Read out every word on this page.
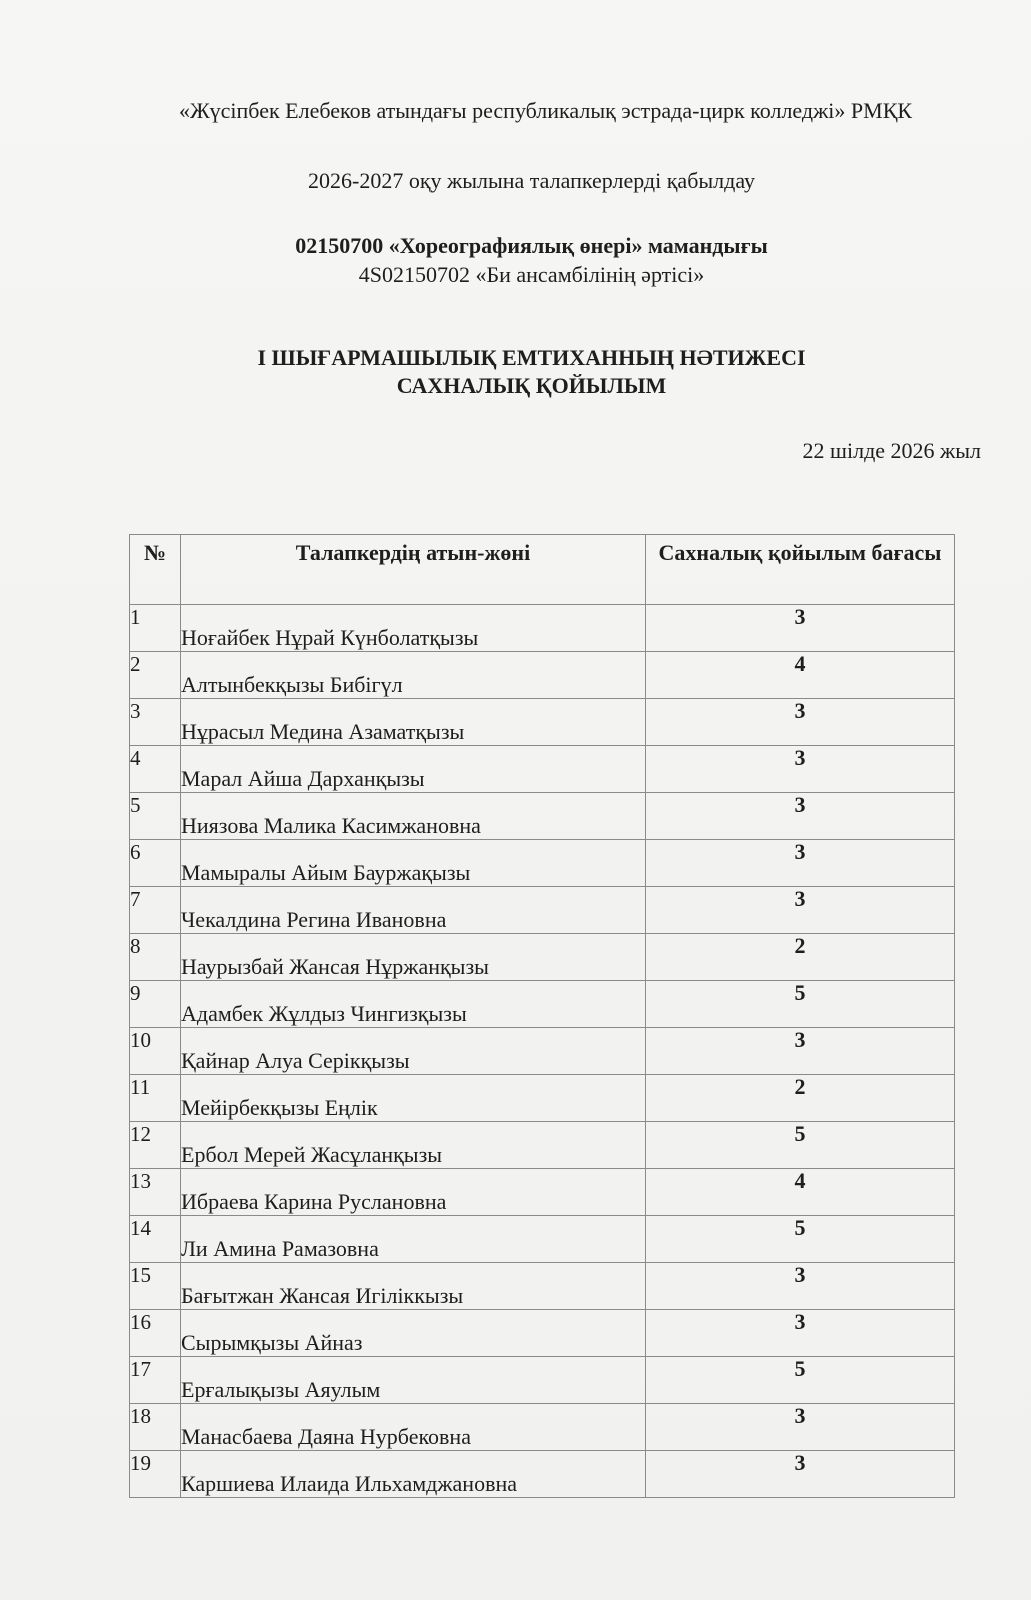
«Жүсіпбек Елебеков атындағы республикалық эстрада-цирк колледжі» РМҚК
2026-2027 оқу жылына талапкерлерді қабылдау
02150700 «Хореографиялық өнері» мамандығы
4S02150702 «Би ансамбілінің әртісі»
І ШЫҒАРМАШЫЛЫҚ ЕМТИХАННЫҢ НӘТИЖЕСІ
САХНАЛЫҚ ҚОЙЫЛЫМ
22 шілде 2026 жыл
№	Талапкердің атын-жөні	Сахналық қойылым бағасы
1	Ноғайбек Нұрай Күнболатқызы	3
2	Алтынбекқызы Бибігүл	4
3	Нұрасыл Медина Азаматқызы	3
4	Марал Айша Дарханқызы	3
5	Ниязова Малика Касимжановна	3
6	Мамыралы Айым Бауржақызы	3
7	Чекалдина Регина Ивановна	3
8	Наурызбай Жансая Нұржанқызы	2
9	Адамбек Жұлдыз Чингизқызы	5
10	Қайнар Алуа Серікқызы	3
11	Мейірбекқызы Еңлік	2
12	Ербол Мерей Жасұланқызы	5
13	Ибраева Карина Руслановна	4
14	Ли Амина Рамазовна	5
15	Бағытжан Жансая Игіліккызы	3
16	Сырымқызы Айназ	3
17	Ерғалықызы Аяулым	5
18	Манасбаева Даяна Нурбековна	3
19	Каршиева Илаида Ильхамджановна	3
